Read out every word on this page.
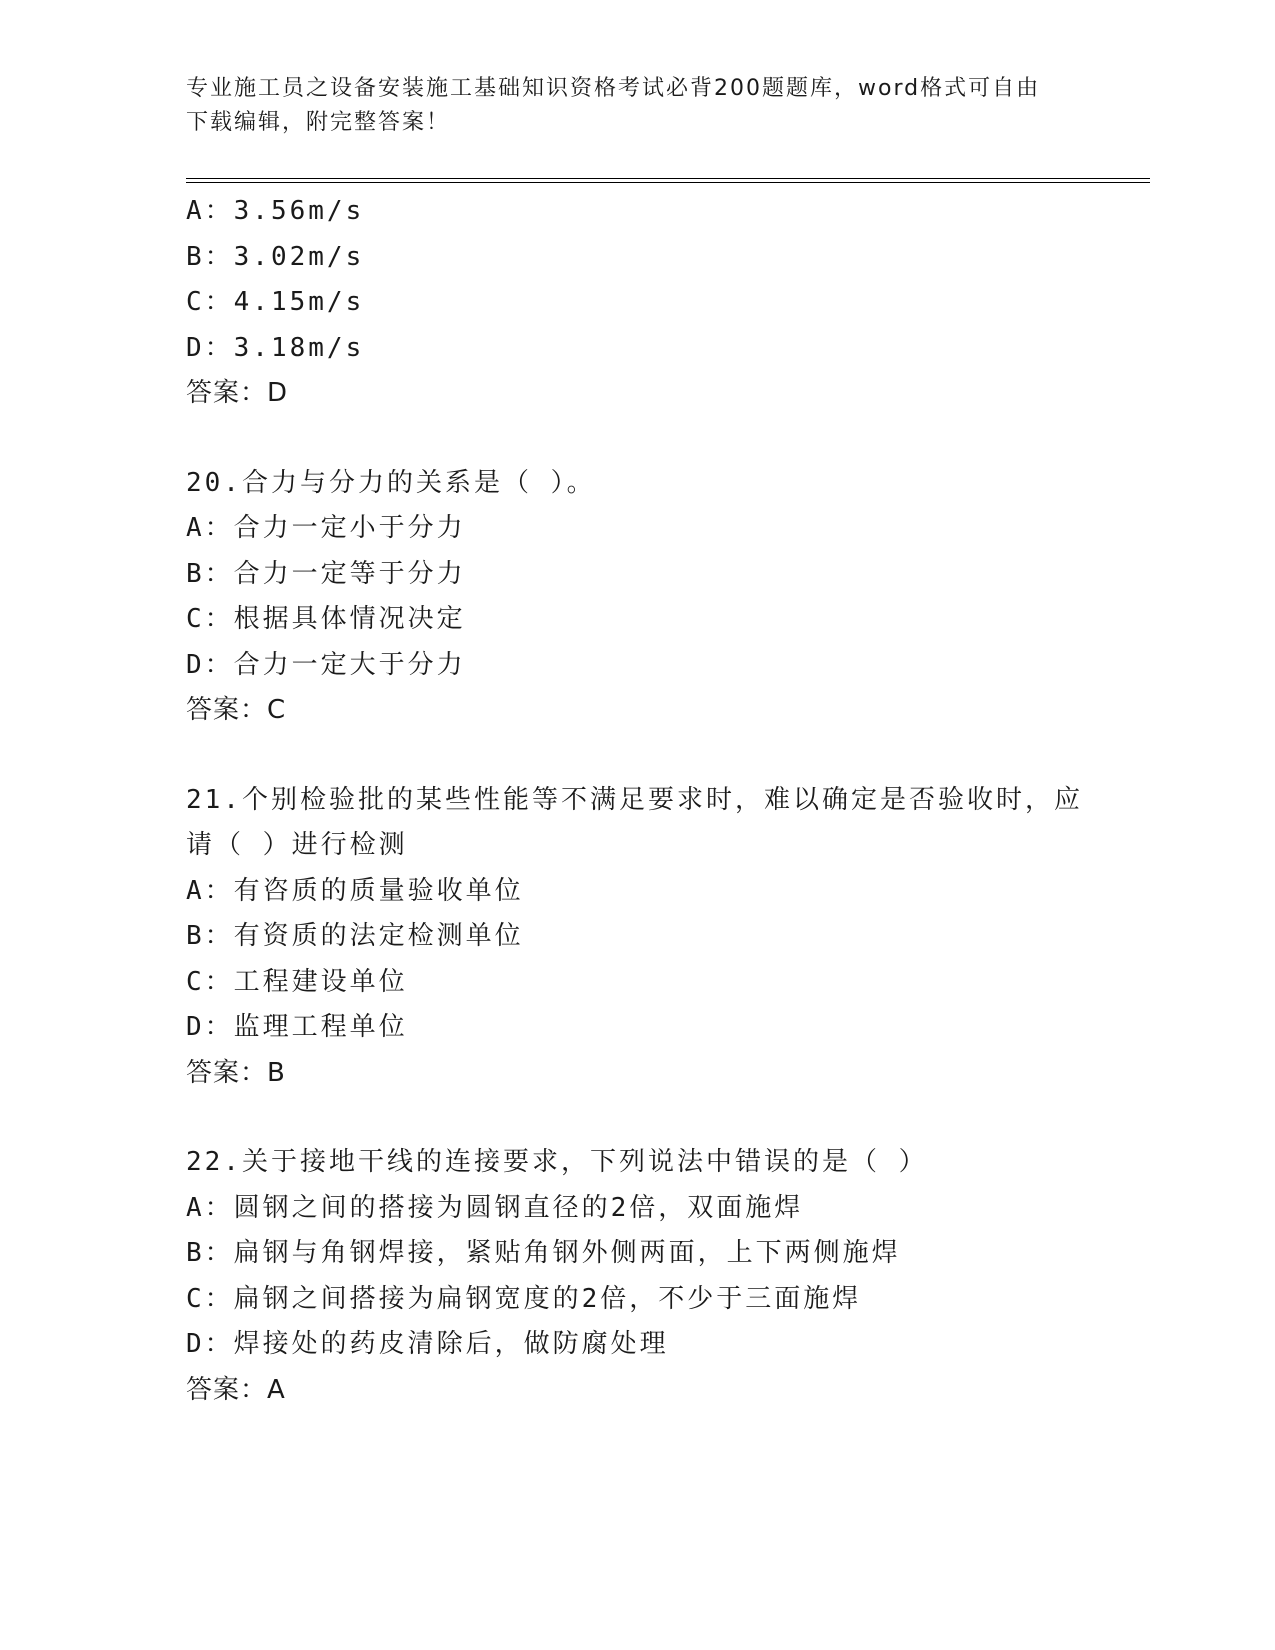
专业施工员之设备安装施工基础知识资格考试必背200题题库，word格式可自由
下载编辑，附完整答案！
A：3.56m/s
B：3.02m/s
C：4.15m/s
D：3.18m/s
答案：D
20.合力与分力的关系是（ ）。
A：合力一定小于分力
B：合力一定等于分力
C：根据具体情况决定
D：合力一定大于分力
答案：C
21.个别检验批的某些性能等不满足要求时，难以确定是否验收时，应
请（ ）进行检测
A：有咨质的质量验收单位
B：有资质的法定检测单位
C：工程建设单位
D：监理工程单位
答案：B
22.关于接地干线的连接要求，下列说法中错误的是（ ）
A：圆钢之间的搭接为圆钢直径的2倍，双面施焊
B：扁钢与角钢焊接，紧贴角钢外侧两面，上下两侧施焊
C：扁钢之间搭接为扁钢宽度的2倍，不少于三面施焊
D：焊接处的药皮清除后，做防腐处理
答案：A
